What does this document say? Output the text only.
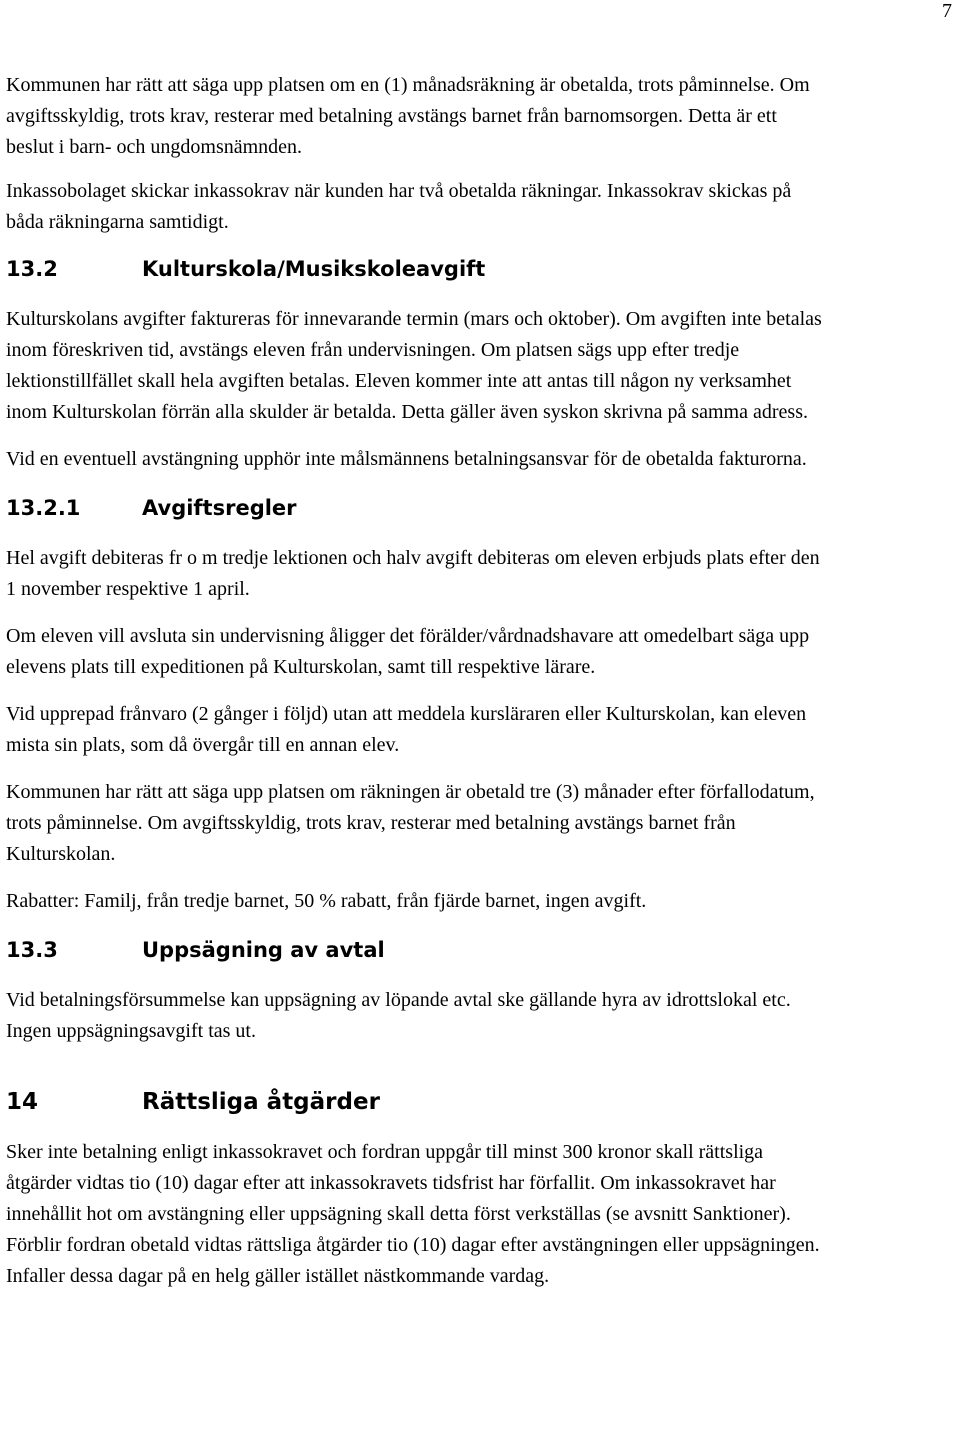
7

Kommunen har rätt att säga upp platsen om en (1) månadsräkning är obetalda, trots påminnelse. Om
avgiftsskyldig, trots krav, resterar med betalning avstängs barnet från barnomsorgen. Detta är ett
beslut i barn- och ungdomsnämnden.

Inkassobolaget skickar inkassokrav när kunden har två obetalda räkningar. Inkassokrav skickas på
båda räkningarna samtidigt.

13.2	Kulturskola/Musikskoleavgift

Kulturskolans avgifter faktureras för innevarande termin (mars och oktober). Om avgiften inte betalas
inom föreskriven tid, avstängs eleven från undervisningen. Om platsen sägs upp efter tredje
lektionstillfället skall hela avgiften betalas. Eleven kommer inte att antas till någon ny verksamhet
inom Kulturskolan förrän alla skulder är betalda. Detta gäller även syskon skrivna på samma adress.

Vid en eventuell avstängning upphör inte målsmännens betalningsansvar för de obetalda fakturorna.

13.2.1	Avgiftsregler

Hel avgift debiteras fr o m tredje lektionen och halv avgift debiteras om eleven erbjuds plats efter den
1 november respektive 1 april.

Om eleven vill avsluta sin undervisning åligger det förälder/vårdnadshavare att omedelbart säga upp
elevens plats till expeditionen på Kulturskolan, samt till respektive lärare.

Vid upprepad frånvaro (2 gånger i följd) utan att meddela kursläraren eller Kulturskolan, kan eleven
mista sin plats, som då övergår till en annan elev.

Kommunen har rätt att säga upp platsen om räkningen är obetald tre (3) månader efter förfallodatum,
trots påminnelse. Om avgiftsskyldig, trots krav, resterar med betalning avstängs barnet från
Kulturskolan.

Rabatter: Familj, från tredje barnet, 50 % rabatt, från fjärde barnet, ingen avgift.

13.3	Uppsägning av avtal

Vid betalningsförsummelse kan uppsägning av löpande avtal ske gällande hyra av idrottslokal etc.
Ingen uppsägningsavgift tas ut.

14	Rättsliga åtgärder

Sker inte betalning enligt inkassokravet och fordran uppgår till minst 300 kronor skall rättsliga
åtgärder vidtas tio (10) dagar efter att inkassokravets tidsfrist har förfallit. Om inkassokravet har
innehållit hot om avstängning eller uppsägning skall detta först verkställas (se avsnitt Sanktioner).
Förblir fordran obetald vidtas rättsliga åtgärder tio (10) dagar efter avstängningen eller uppsägningen.
Infaller dessa dagar på en helg gäller istället nästkommande vardag.
